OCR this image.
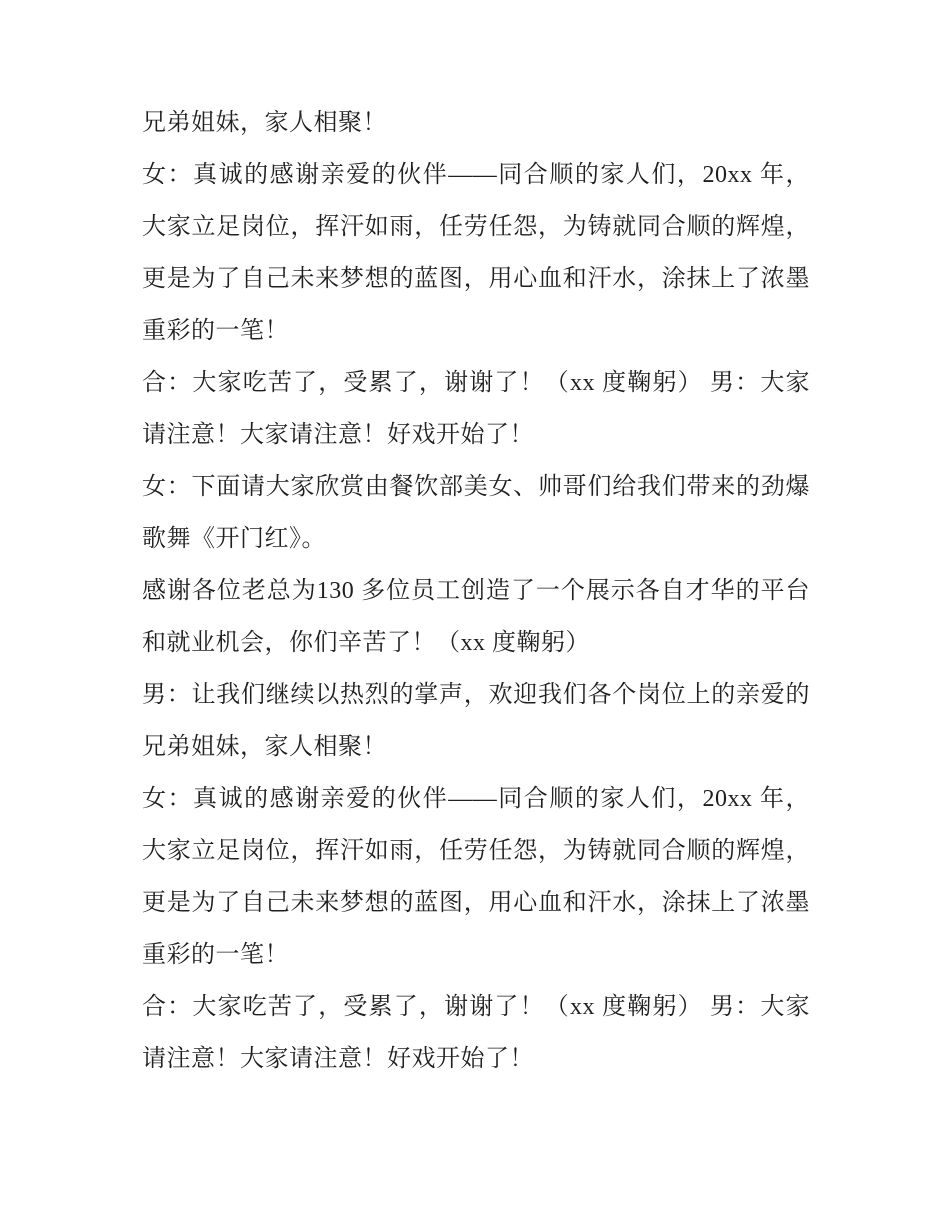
兄弟姐妹，家人相聚！
女：真诚的感谢亲爱的伙伴——同合顺的家人们，20xx 年，
大家立足岗位，挥汗如雨，任劳任怨，为铸就同合顺的辉煌，
更是为了自己未来梦想的蓝图，用心血和汗水，涂抹上了浓墨
重彩的一笔！
合：大家吃苦了，受累了，谢谢了！（xx 度鞠躬） 男：大家
请注意！大家请注意！好戏开始了！
女：下面请大家欣赏由餐饮部美女、帅哥们给我们带来的劲爆
歌舞《开门红》。
感谢各位老总为130 多位员工创造了一个展示各自才华的平台
和就业机会，你们辛苦了！（xx 度鞠躬）
男：让我们继续以热烈的掌声，欢迎我们各个岗位上的亲爱的
兄弟姐妹，家人相聚！
女：真诚的感谢亲爱的伙伴——同合顺的家人们，20xx 年，
大家立足岗位，挥汗如雨，任劳任怨，为铸就同合顺的辉煌，
更是为了自己未来梦想的蓝图，用心血和汗水，涂抹上了浓墨
重彩的一笔！
合：大家吃苦了，受累了，谢谢了！（xx 度鞠躬） 男：大家
请注意！大家请注意！好戏开始了！
